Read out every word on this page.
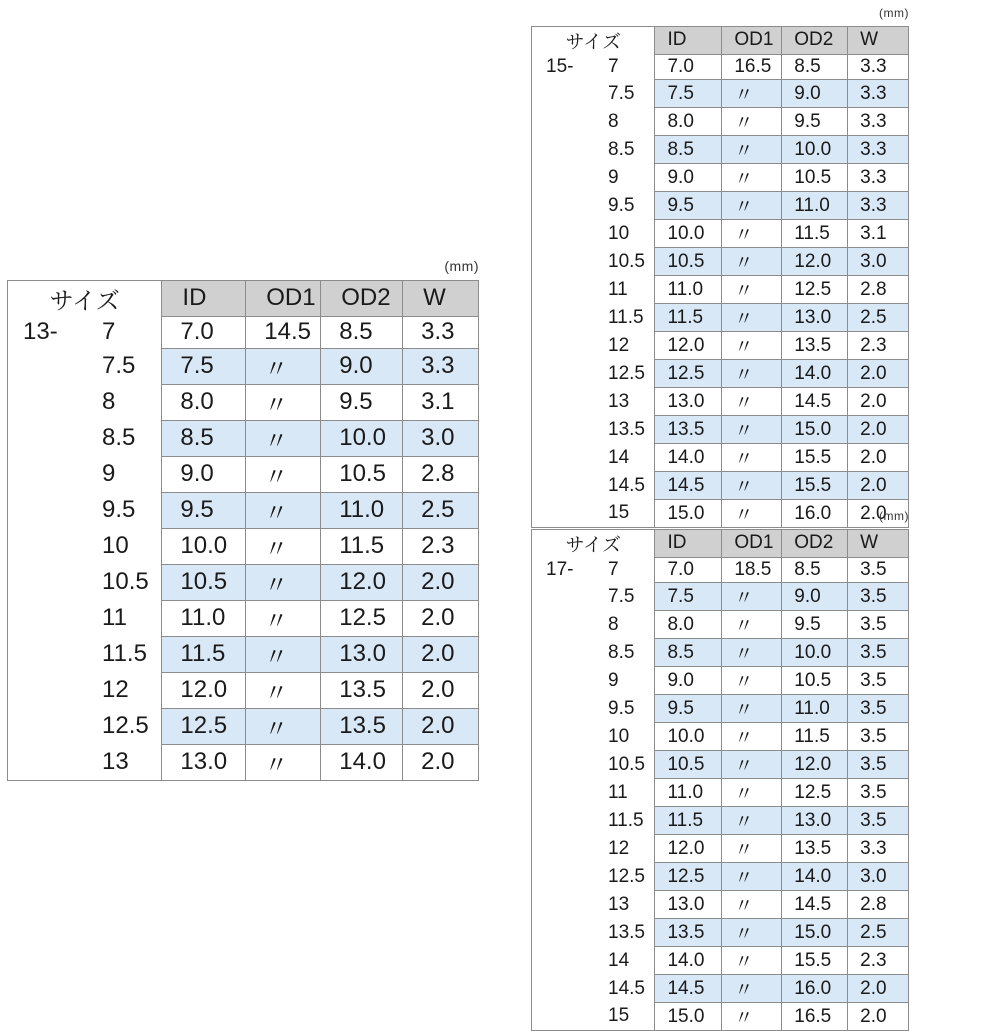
(mm)
サイズ	ID	OD1	OD2	W

13- 7	7.0	14.5	8.5	3.3

7.5	7.5	〃	9.0	3.3

8	8.0	〃	9.5	3.1

8.5	8.5	〃	10.0	3.0

9	9.0	〃	10.5	2.8

9.5	9.5	〃	11.0	2.5

10	10.0	〃	11.5	2.3

10.5	10.5	〃	12.0	2.0

11	11.0	〃	12.5	2.0

11.5	11.5	〃	13.0	2.0

12	12.0	〃	13.5	2.0

12.5	12.5	〃	13.5	2.0

13	13.0	〃	14.0	2.0
(mm)
サイズ	ID	OD1	OD2	W

15- 7	7.0	16.5	8.5	3.3

7.5	7.5	〃	9.0	3.3

8	8.0	〃	9.5	3.3

8.5	8.5	〃	10.0	3.3

9	9.0	〃	10.5	3.3

9.5	9.5	〃	11.0	3.3

10	10.0	〃	11.5	3.1

10.5	10.5	〃	12.0	3.0

11	11.0	〃	12.5	2.8

11.5	11.5	〃	13.0	2.5

12	12.0	〃	13.5	2.3

12.5	12.5	〃	14.0	2.0

13	13.0	〃	14.5	2.0

13.5	13.5	〃	15.0	2.0

14	14.0	〃	15.5	2.0

14.5	14.5	〃	15.5	2.0

15	15.0	〃	16.0	2.0
(mm)
サイズ	ID	OD1	OD2	W

17- 7	7.0	18.5	8.5	3.5

7.5	7.5	〃	9.0	3.5

8	8.0	〃	9.5	3.5

8.5	8.5	〃	10.0	3.5

9	9.0	〃	10.5	3.5

9.5	9.5	〃	11.0	3.5

10	10.0	〃	11.5	3.5

10.5	10.5	〃	12.0	3.5

11	11.0	〃	12.5	3.5

11.5	11.5	〃	13.0	3.5

12	12.0	〃	13.5	3.3

12.5	12.5	〃	14.0	3.0

13	13.0	〃	14.5	2.8

13.5	13.5	〃	15.0	2.5

14	14.0	〃	15.5	2.3

14.5	14.5	〃	16.0	2.0

15	15.0	〃	16.5	2.0
